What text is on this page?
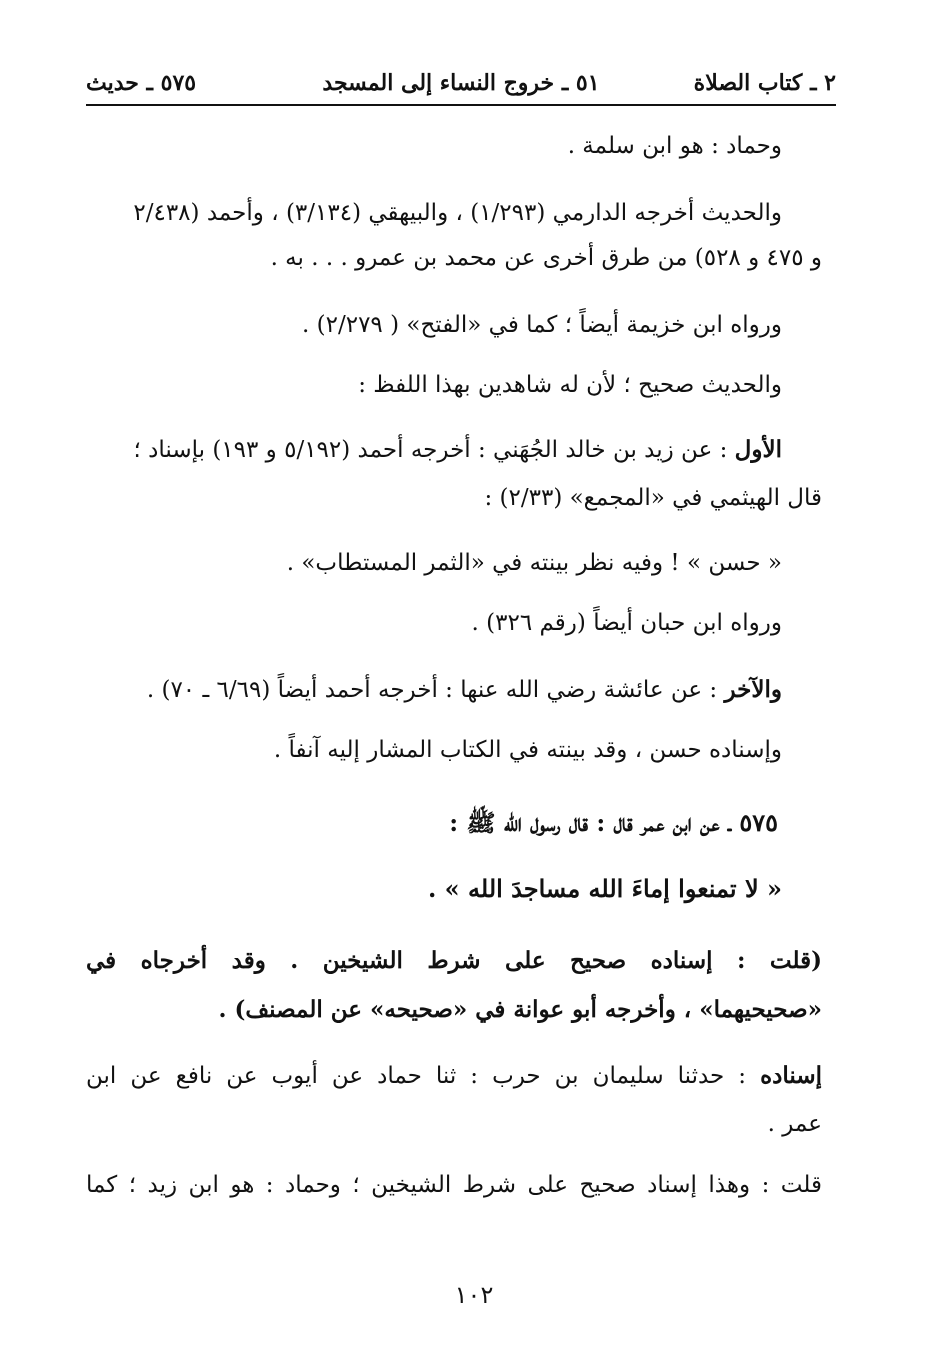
٢ ـ كتاب الصلاة
٥١ ـ خروج النساء إلى المسجد
٥٧٥ ـ حديث
وحماد : هو ابن سلمة .
والحديث أخرجه الدارمي (١/٢٩٣) ، والبيهقي (٣/١٣٤) ، وأحمد (٢/٤٣٨
و ٤٧٥ و ٥٢٨) من طرق أخرى عن محمد بن عمرو . . . به .
ورواه ابن خزيمة أيضاً ؛ كما في «الفتح» ( ٢/٢٧٩) .
والحديث صحيح ؛ لأن له شاهدين بهذا اللفظ :
الأول : عن زيد بن خالد الجُهَني : أخرجه أحمد (٥/١٩٢ و ١٩٣) بإسناد ؛
قال الهيثمي في «المجمع» (٢/٣٣) :
« حسن » ! وفيه نظر بينته في «الثمر المستطاب» .
ورواه ابن حبان أيضاً (رقم ٣٢٦) .
والآخر : عن عائشة رضي الله عنها : أخرجه أحمد أيضاً (٦/٦٩ ـ ٧٠) .
وإسناده حسن ، وقد بينته في الكتاب المشار إليه آنفاً .
٥٧٥ ـ عن ابن عمر قال : قال رسول الله ﷺ :
« لا تمنعوا إماءَ الله مساجدَ الله » .
(قلت : إسناده صحيح على شرط الشيخين . وقد أخرجاه في
«صحيحيهما» ، وأخرجه أبو عوانة في «صحيحه» عن المصنف) .
إسناده : حدثنا سليمان بن حرب : ثنا حماد عن أيوب عن نافع عن ابن
عمر .
قلت : وهذا إسناد صحيح على شرط الشيخين ؛ وحماد : هو ابن زيد ؛ كما
١٠٢
